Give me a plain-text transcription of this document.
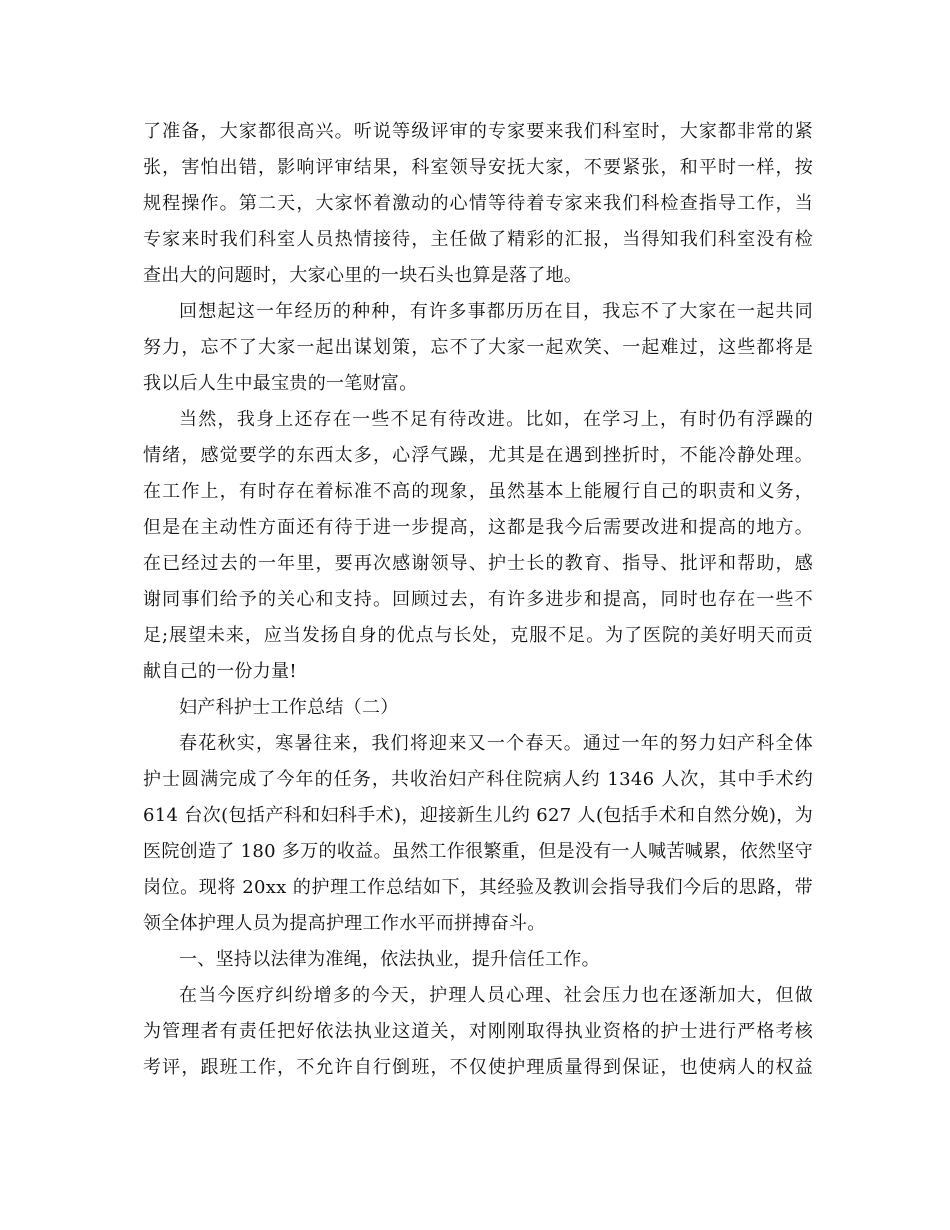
了准备，大家都很高兴。听说等级评审的专家要来我们科室时，大家都非常的紧
张，害怕出错，影响评审结果，科室领导安抚大家，不要紧张，和平时一样，按
规程操作。第二天，大家怀着激动的心情等待着专家来我们科检查指导工作，当
专家来时我们科室人员热情接待，主任做了精彩的汇报，当得知我们科室没有检
查出大的问题时，大家心里的一块石头也算是落了地。
回想起这一年经历的种种，有许多事都历历在目，我忘不了大家在一起共同
努力，忘不了大家一起出谋划策，忘不了大家一起欢笑、一起难过，这些都将是
我以后人生中最宝贵的一笔财富。
当然，我身上还存在一些不足有待改进。比如，在学习上，有时仍有浮躁的
情绪，感觉要学的东西太多，心浮气躁，尤其是在遇到挫折时，不能冷静处理。
在工作上，有时存在着标准不高的现象，虽然基本上能履行自己的职责和义务，
但是在主动性方面还有待于进一步提高，这都是我今后需要改进和提高的地方。
在已经过去的一年里，要再次感谢领导、护士长的教育、指导、批评和帮助，感
谢同事们给予的关心和支持。回顾过去，有许多进步和提高，同时也存在一些不
足;展望未来，应当发扬自身的优点与长处，克服不足。为了医院的美好明天而贡
献自己的一份力量!
妇产科护士工作总结（二）
春花秋实，寒暑往来，我们将迎来又一个春天。通过一年的努力妇产科全体
护士圆满完成了今年的任务，共收治妇产科住院病人约 1346 人次，其中手术约
614 台次(包括产科和妇科手术)，迎接新生儿约 627 人(包括手术和自然分娩)，为
医院创造了 180 多万的收益。虽然工作很繁重，但是没有一人喊苦喊累，依然坚守
岗位。现将 20xx 的护理工作总结如下，其经验及教训会指导我们今后的思路，带
领全体护理人员为提高护理工作水平而拼搏奋斗。
一、坚持以法律为准绳，依法执业，提升信任工作。
在当今医疗纠纷增多的今天，护理人员心理、社会压力也在逐渐加大，但做
为管理者有责任把好依法执业这道关，对刚刚取得执业资格的护士进行严格考核
考评，跟班工作，不允许自行倒班，不仅使护理质量得到保证，也使病人的权益
